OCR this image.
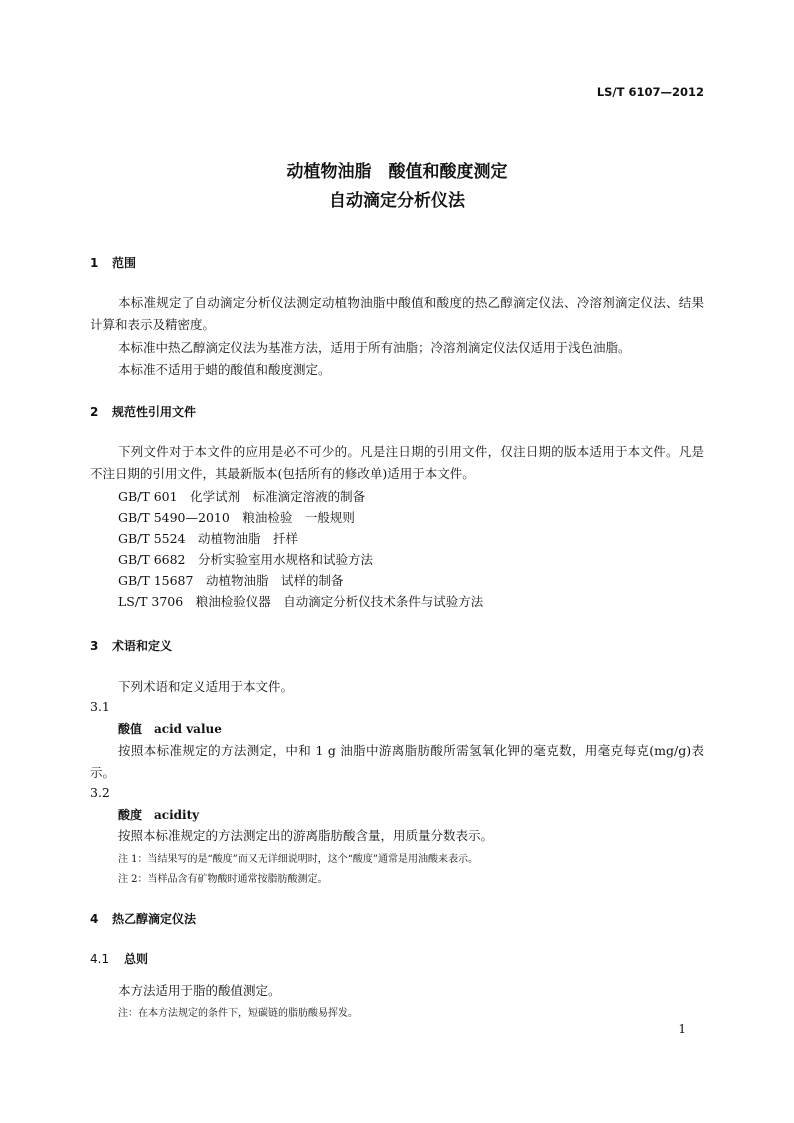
LS/T 6107—2012
动植物油脂　酸值和酸度测定
自动滴定分析仪法
1 范围
本标准规定了自动滴定分析仪法测定动植物油脂中酸值和酸度的热乙醇滴定仪法、冷溶剂滴定仪法、结果计算和表示及精密度。
本标准中热乙醇滴定仪法为基准方法，适用于所有油脂；冷溶剂滴定仪法仅适用于浅色油脂。
本标准不适用于蜡的酸值和酸度测定。
2 规范性引用文件
下列文件对于本文件的应用是必不可少的。凡是注日期的引用文件，仅注日期的版本适用于本文件。凡是不注日期的引用文件，其最新版本(包括所有的修改单)适用于本文件。
GB/T 601　 化学试剂　标准滴定溶液的制备
GB/T 5490—2010　 粮油检验　一般规则
GB/T 5524　 动植物油脂　扦样
GB/T 6682　 分析实验室用水规格和试验方法
GB/T 15687　 动植物油脂　试样的制备
LS/T 3706　 粮油检验仪器　自动滴定分析仪技术条件与试验方法
3 术语和定义
下列术语和定义适用于本文件。
3.1
酸值　acid value
按照本标准规定的方法测定，中和 1 g 油脂中游离脂肪酸所需氢氧化钾的毫克数，用毫克每克(mg/g)表示。
3.2
酸度　acidity
按照本标准规定的方法测定出的游离脂肪酸含量，用质量分数表示。
注 1：当结果写的是“酸度”而又无详细说明时，这个“酸度”通常是用油酸来表示。
注 2：当样品含有矿物酸时通常按脂肪酸测定。
4 热乙醇滴定仪法
4.1 总则
本方法适用于脂的酸值测定。
注：在本方法规定的条件下，短碳链的脂肪酸易挥发。
1
